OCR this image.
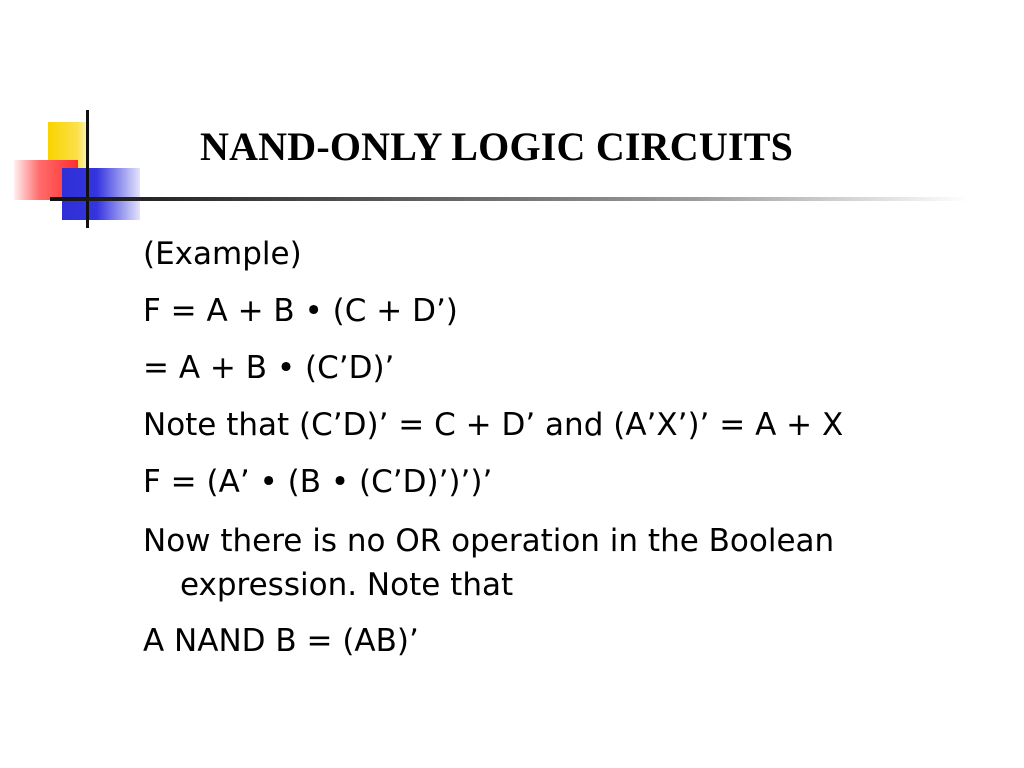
NAND-ONLY LOGIC CIRCUITS
(Example)
F = A + B • (C + D’)
= A + B • (C’D)’
Note that (C’D)’ = C + D’ and (A’X’)’ = A + X
F = (A’ • (B • (C’D)’)’)’
Now there is no OR operation in the Boolean expression. Note that
A NAND B = (AB)’
